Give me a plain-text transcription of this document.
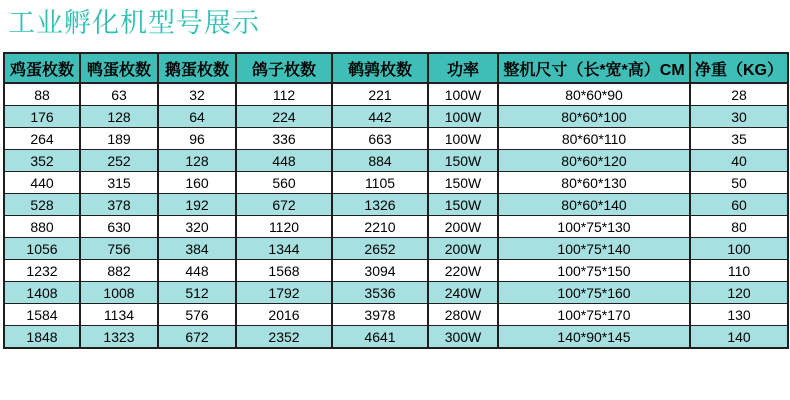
工业孵化机型号展示
鸡蛋枚数	鸭蛋枚数	鹅蛋枚数	鸽子枚数	鹌鹑枚数	功率	整机尺寸（长*宽*高）CM	净重（KG）
88	63	32	112	221	100W	80*60*90	28
176	128	64	224	442	100W	80*60*100	30
264	189	96	336	663	100W	80*60*110	35
352	252	128	448	884	150W	80*60*120	40
440	315	160	560	1105	150W	80*60*130	50
528	378	192	672	1326	150W	80*60*140	60
880	630	320	1120	2210	200W	100*75*130	80
1056	756	384	1344	2652	200W	100*75*140	100
1232	882	448	1568	3094	220W	100*75*150	110
1408	1008	512	1792	3536	240W	100*75*160	120
1584	1134	576	2016	3978	280W	100*75*170	130
1848	1323	672	2352	4641	300W	140*90*145	140
